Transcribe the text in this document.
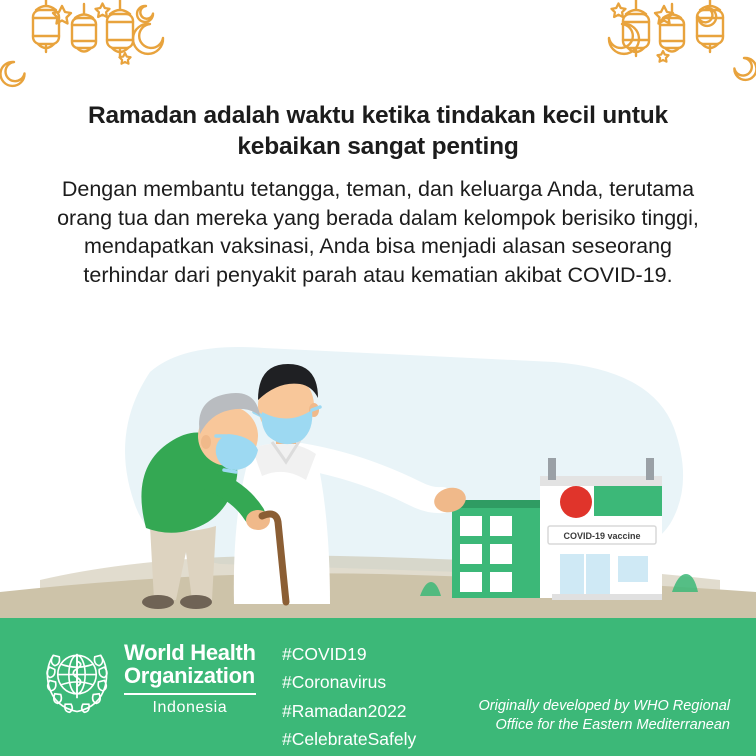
Ramadan adalah waktu ketika tindakan kecil untuk kebaikan sangat penting

Dengan membantu tetangga, teman, dan keluarga Anda, terutama orang tua dan mereka yang berada dalam kelompok berisiko tinggi, mendapatkan vaksinasi, Anda bisa menjadi alasan seseorang terhindar dari penyakit parah atau kematian akibat COVID-19.

COVID-19 vaccine
World Health
Organization
Indonesia
#COVID19
#Coronavirus
#Ramadan2022
#CelebrateSafely
Originally developed by WHO Regional
Office for the Eastern Mediterranean
